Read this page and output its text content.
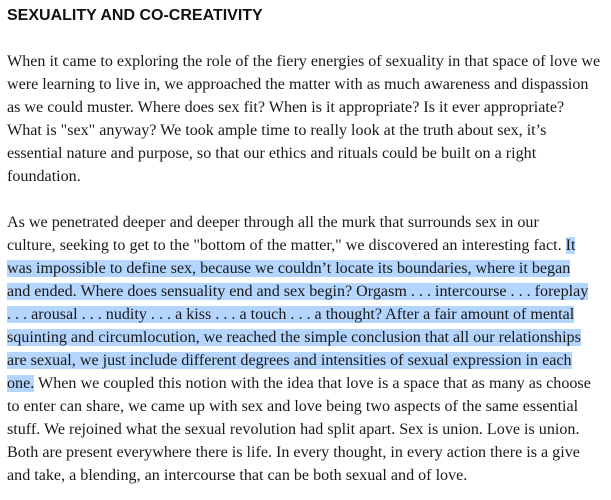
SEXUALITY AND CO-CREATIVITY

When it came to exploring the role of the fiery energies of sexuality in that space of love we
were learning to live in, we approached the matter with as much awareness and dispassion
as we could muster. Where does sex fit? When is it appropriate? Is it ever appropriate?
What is "sex" anyway? We took ample time to really look at the truth about sex, it’s
essential nature and purpose, so that our ethics and rituals could be built on a right
foundation.

As we penetrated deeper and deeper through all the murk that surrounds sex in our
culture, seeking to get to the "bottom of the matter," we discovered an interesting fact. It
was impossible to define sex, because we couldn’t locate its boundaries, where it began
and ended. Where does sensuality end and sex begin? Orgasm . . . intercourse . . . foreplay
. . . arousal . . . nudity . . . a kiss . . . a touch . . . a thought? After a fair amount of mental
squinting and circumlocution, we reached the simple conclusion that all our relationships
are sexual, we just include different degrees and intensities of sexual expression in each
one. When we coupled this notion with the idea that love is a space that as many as choose
to enter can share, we came up with sex and love being two aspects of the same essential
stuff. We rejoined what the sexual revolution had split apart. Sex is union. Love is union.
Both are present everywhere there is life. In every thought, in every action there is a give
and take, a blending, an intercourse that can be both sexual and of love.
